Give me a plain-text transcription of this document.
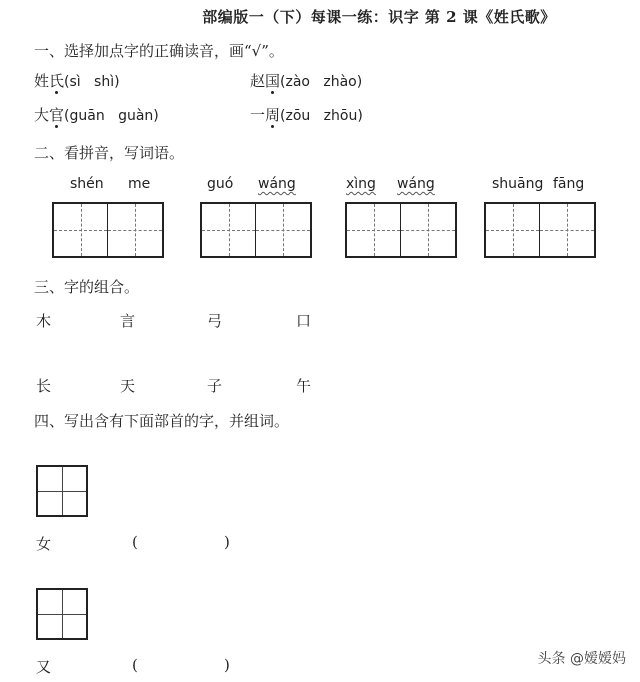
部编版一（下）每课一练：识字 第 2 课《姓氏歌》
一、选择加点字的正确读音，画“√”。
姓氏(sì shì)	赵国(zào zhào)
大官(guān guàn)	一周(zōu zhōu)
二、看拼音，写词语。
shén me	guó wáng	xìng wáng	shuāng fāng
三、字的组合。
木	言	弓	口
长	天	子	午
四、写出含有下面部首的字，并组词。
女	(	)
又	(	)	头条 @嫒嫒妈
